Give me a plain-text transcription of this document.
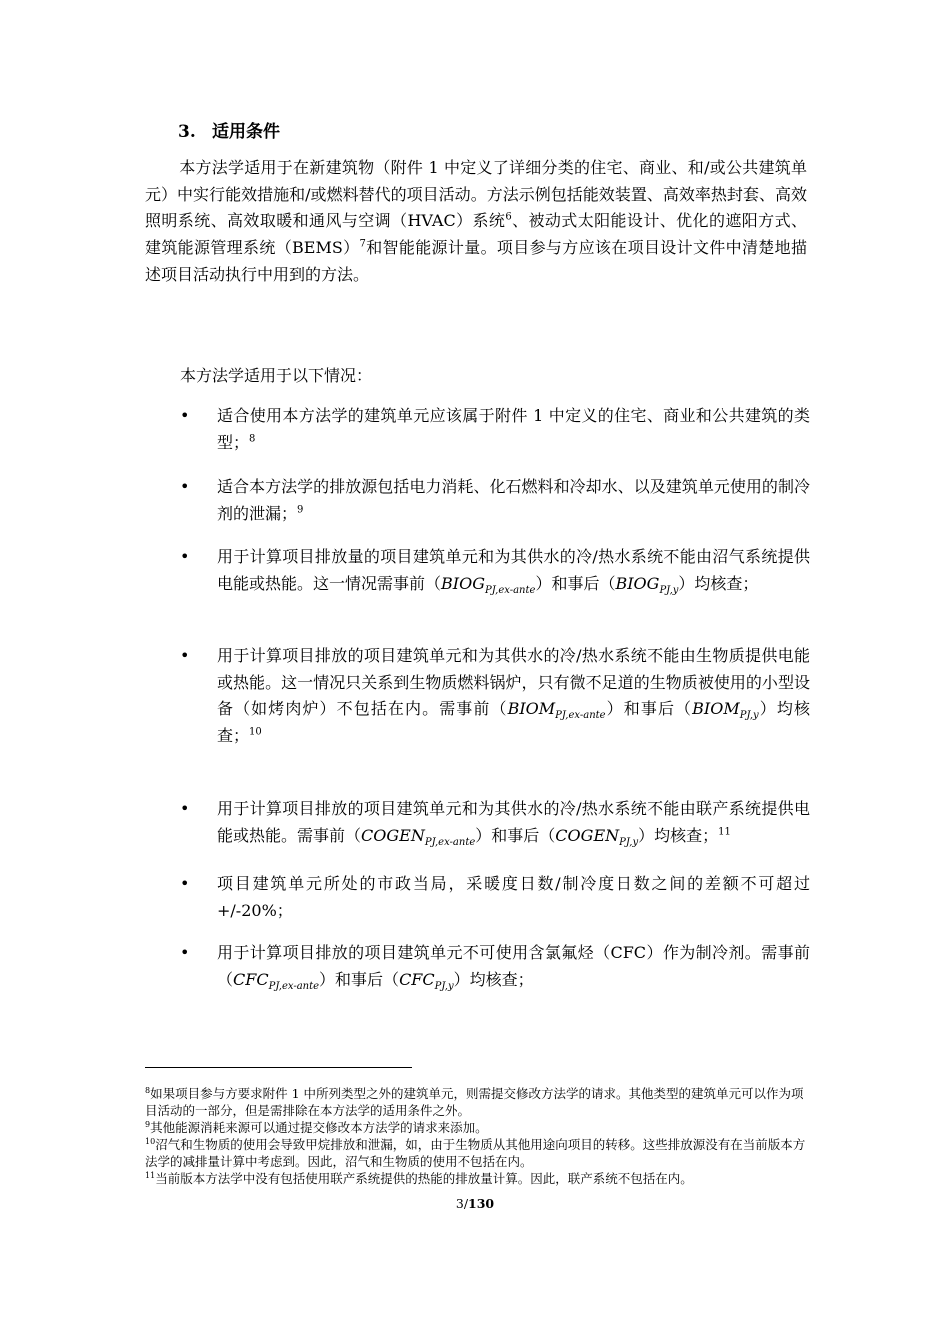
3. 适用条件
本方法学适用于在新建筑物（附件 1 中定义了详细分类的住宅、商业、和/或公共建筑单元）中实行能效措施和/或燃料替代的项目活动。方法示例包括能效装置、高效率热封套、高效照明系统、高效取暖和通风与空调（HVAC）系统$^6$、被动式太阳能设计、优化的遮阳方式、建筑能源管理系统（BEMS）$^7$和智能能源计量。项目参与方应该在项目设计文件中清楚地描述项目活动执行中用到的方法。
本方法学适用于以下情况：
• 适合使用本方法学的建筑单元应该属于附件 1 中定义的住宅、商业和公共建筑的类型；$^8$
• 适合本方法学的排放源包括电力消耗、化石燃料和冷却水、以及建筑单元使用的制冷剂的泄漏；$^9$
• 用于计算项目排放量的项目建筑单元和为其供水的冷/热水系统不能由沼气系统提供电能或热能。这一情况需事前$(BIOG_{PJ,ex-ante})$和事后$(BIOG_{PJ,y})$均核查；
• 用于计算项目排放的项目建筑单元和为其供水的冷/热水系统不能由生物质提供电能或热能。这一情况只关系到生物质燃料锅炉，只有微不足道的生物质被使用的小型设备（如烤肉炉）不包括在内。需事前$(BIOM_{PJ,ex-ante})$和事后$(BIOM_{PJ,y})$均核查；$^{10}$
• 用于计算项目排放的项目建筑单元和为其供水的冷/热水系统不能由联产系统提供电能或热能。需事前$(COGEN_{PJ,ex-ante})$和事后$(COGEN_{PJ,y})$均核查；$^{11}$
• 项目建筑单元所处的市政当局，采暖度日数/制冷度日数之间的差额不可超过+/-20%；
• 用于计算项目排放的项目建筑单元不可使用含氯氟烃（CFC）作为制冷剂。需事前$(CFC_{PJ,ex-ante})$和事后$(CFC_{PJ,y})$均核查；
$^8$如果项目参与方要求附件 1 中所列类型之外的建筑单元，则需提交修改方法学的请求。其他类型的建筑单元可以作为项目活动的一部分，但是需排除在本方法学的适用条件之外。
$^9$其他能源消耗来源可以通过提交修改本方法学的请求来添加。
$^{10}$沼气和生物质的使用会导致甲烷排放和泄漏，如，由于生物质从其他用途向项目的转移。这些排放源没有在当前版本方法学的减排量计算中考虑到。因此，沼气和生物质的使用不包括在内。
$^{11}$当前版本方法学中没有包括使用联产系统提供的热能的排放量计算。因此，联产系统不包括在内。
3/130
